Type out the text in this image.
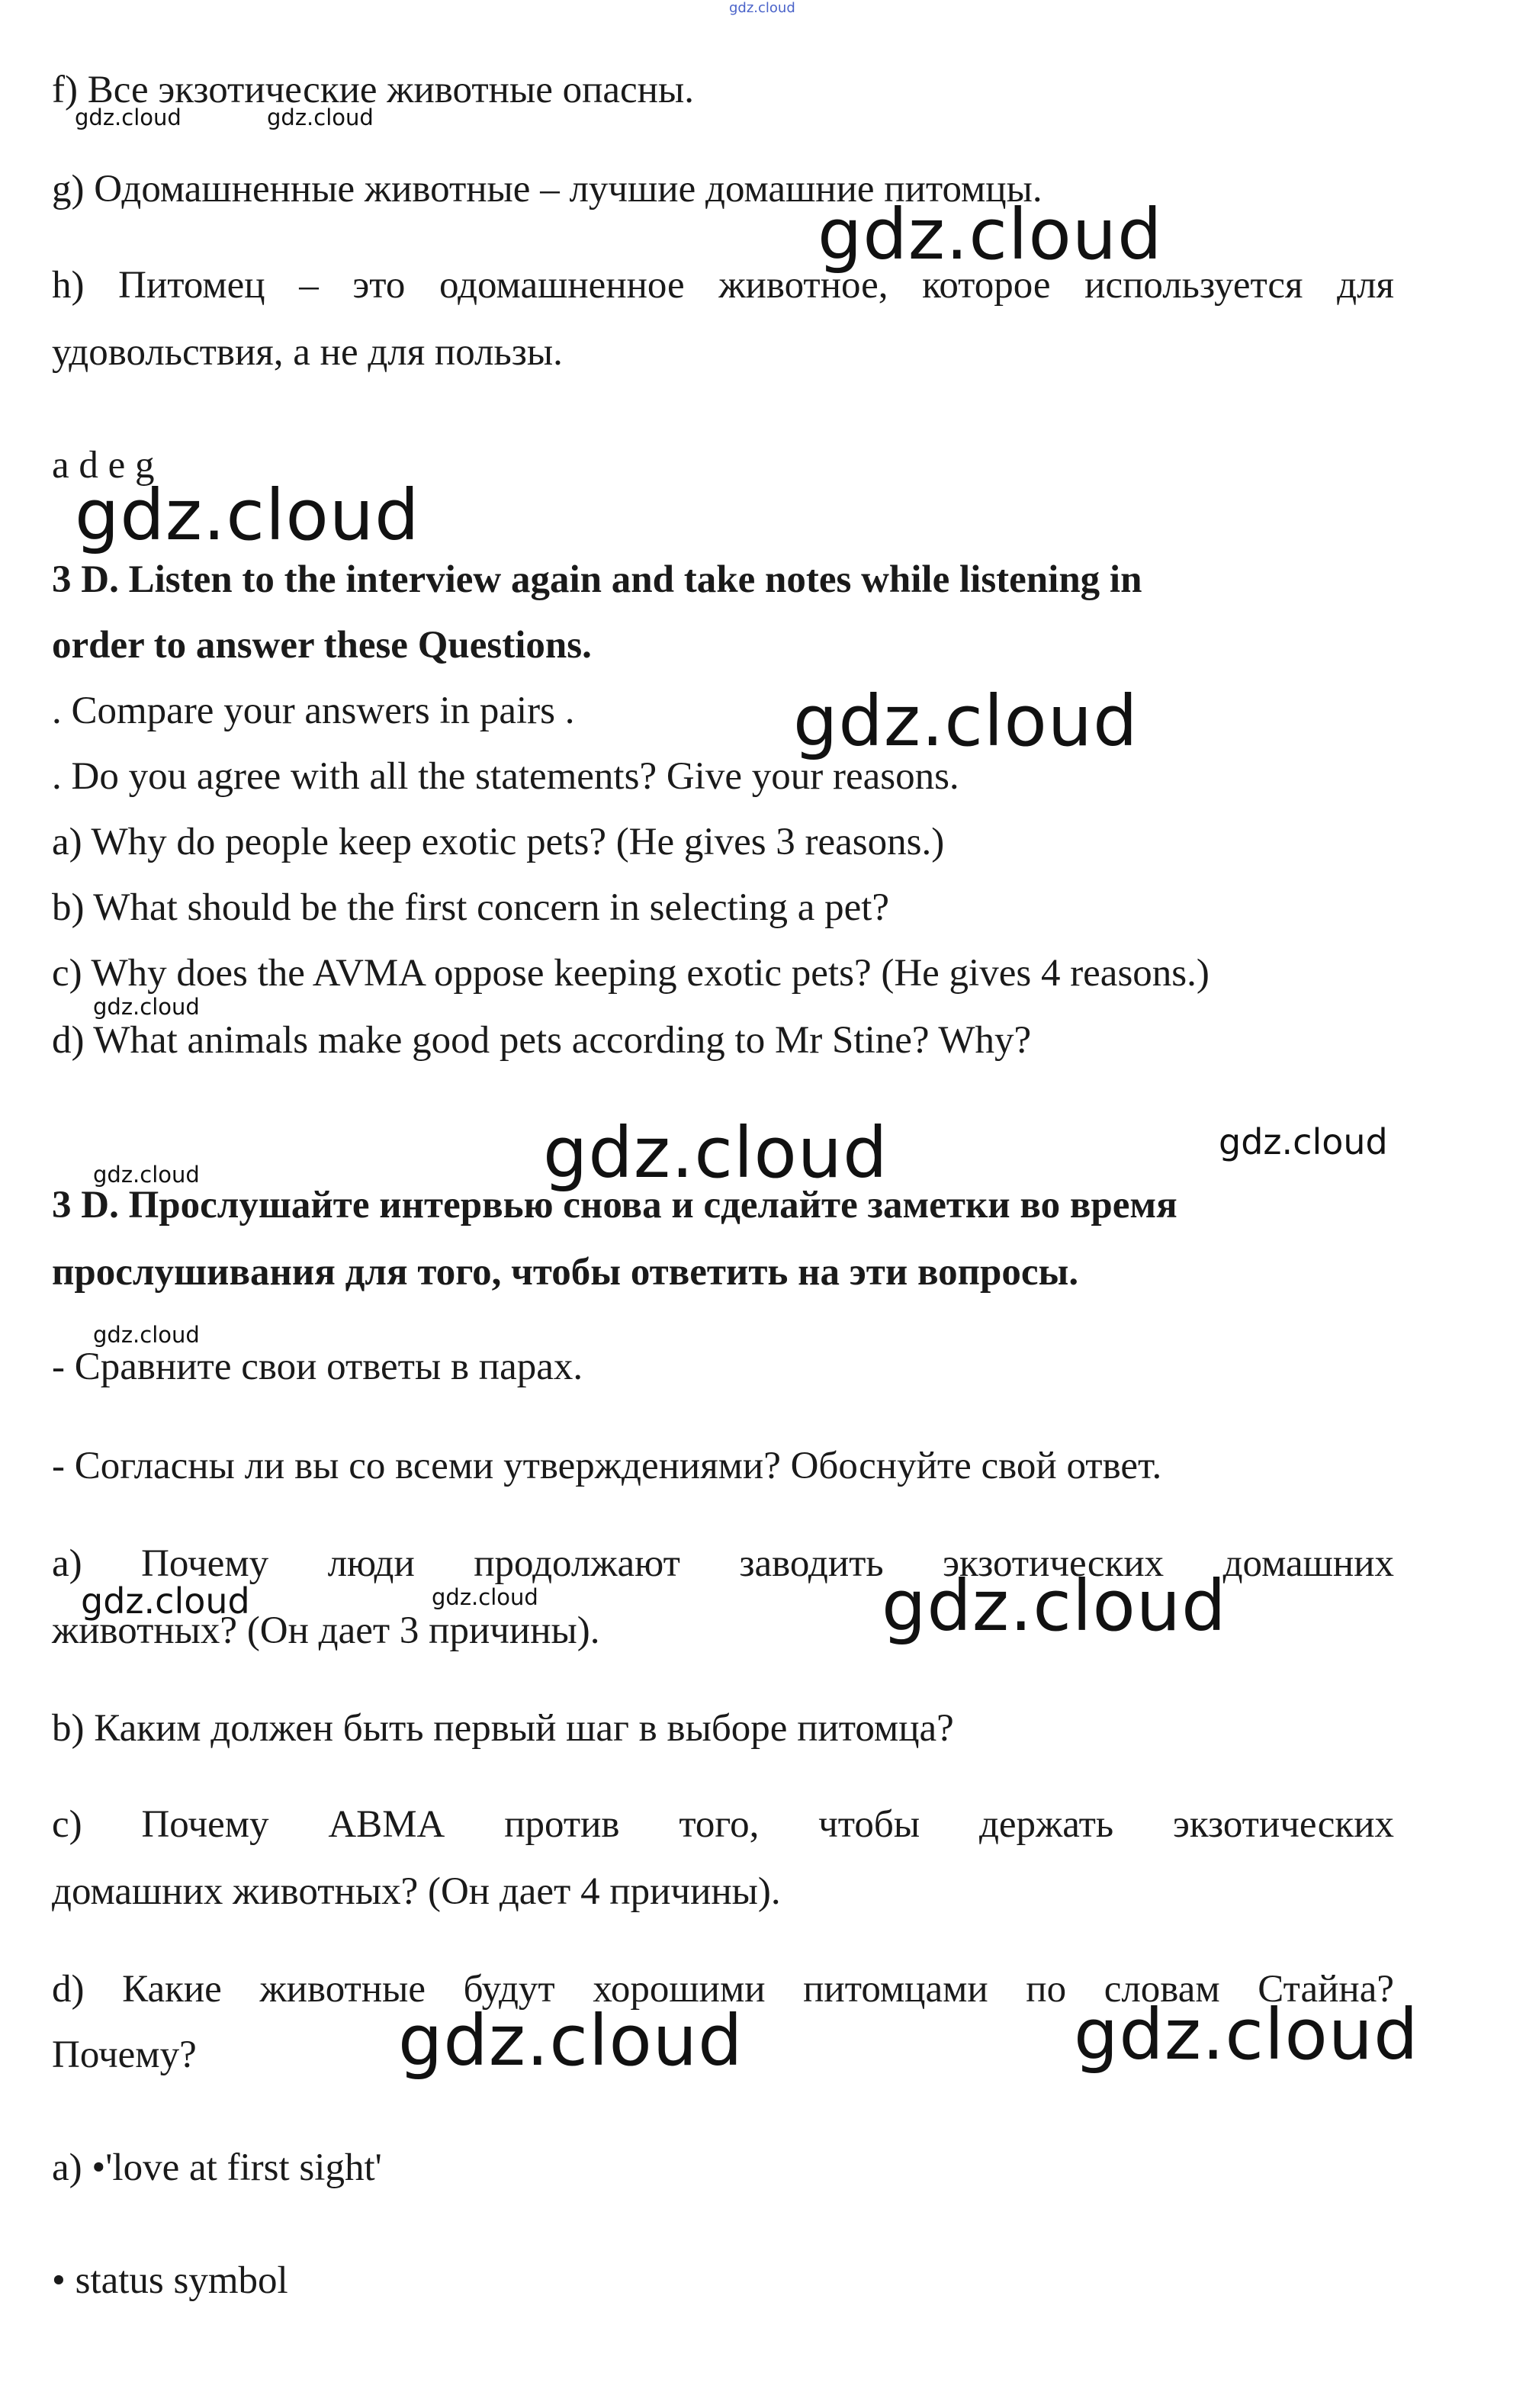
gdz.cloud
f) Все экзотические животные опасны.
g) Одомашненные животные – лучшие домашние питомцы.
h) Питомец – это одомашненное животное, которое используется для
удовольствия, а не для пользы.
a d e g
3 D. Listen to the interview again and take notes while listening in
order to answer these Questions.
. Compare your answers in pairs .
. Do you agree with all the statements? Give your reasons.
a) Why do people keep exotic pets? (He gives 3 reasons.)
b) What should be the first concern in selecting a pet?
c) Why does the AVMA oppose keeping exotic pets? (He gives 4 reasons.)
d) What animals make good pets according to Mr Stine? Why?
3 D. Прослушайте интервью снова и сделайте заметки во время
прослушивания для того, чтобы ответить на эти вопросы.
- Сравните свои ответы в парах.
- Согласны ли вы со всеми утверждениями? Обоснуйте свой ответ.
a) Почему люди продолжают заводить экзотических домашних
животных? (Он дает 3 причины).
b) Каким должен быть первый шаг в выборе питомца?
c) Почему АВМА против того, чтобы держать экзотических
домашних животных? (Он дает 4 причины).
d) Какие животные будут хорошими питомцами по словам Стайна?
Почему?
a) •'love at first sight'
• status symbol
gdz.cloud	gdz.cloud
gdz.cloud
gdz.cloud
gdz.cloud
gdz.cloud
gdz.cloud	gdz.cloud
gdz.cloud
gdz.cloud
gdz.cloud	gdz.cloud	gdz.cloud
gdz.cloud	gdz.cloud
